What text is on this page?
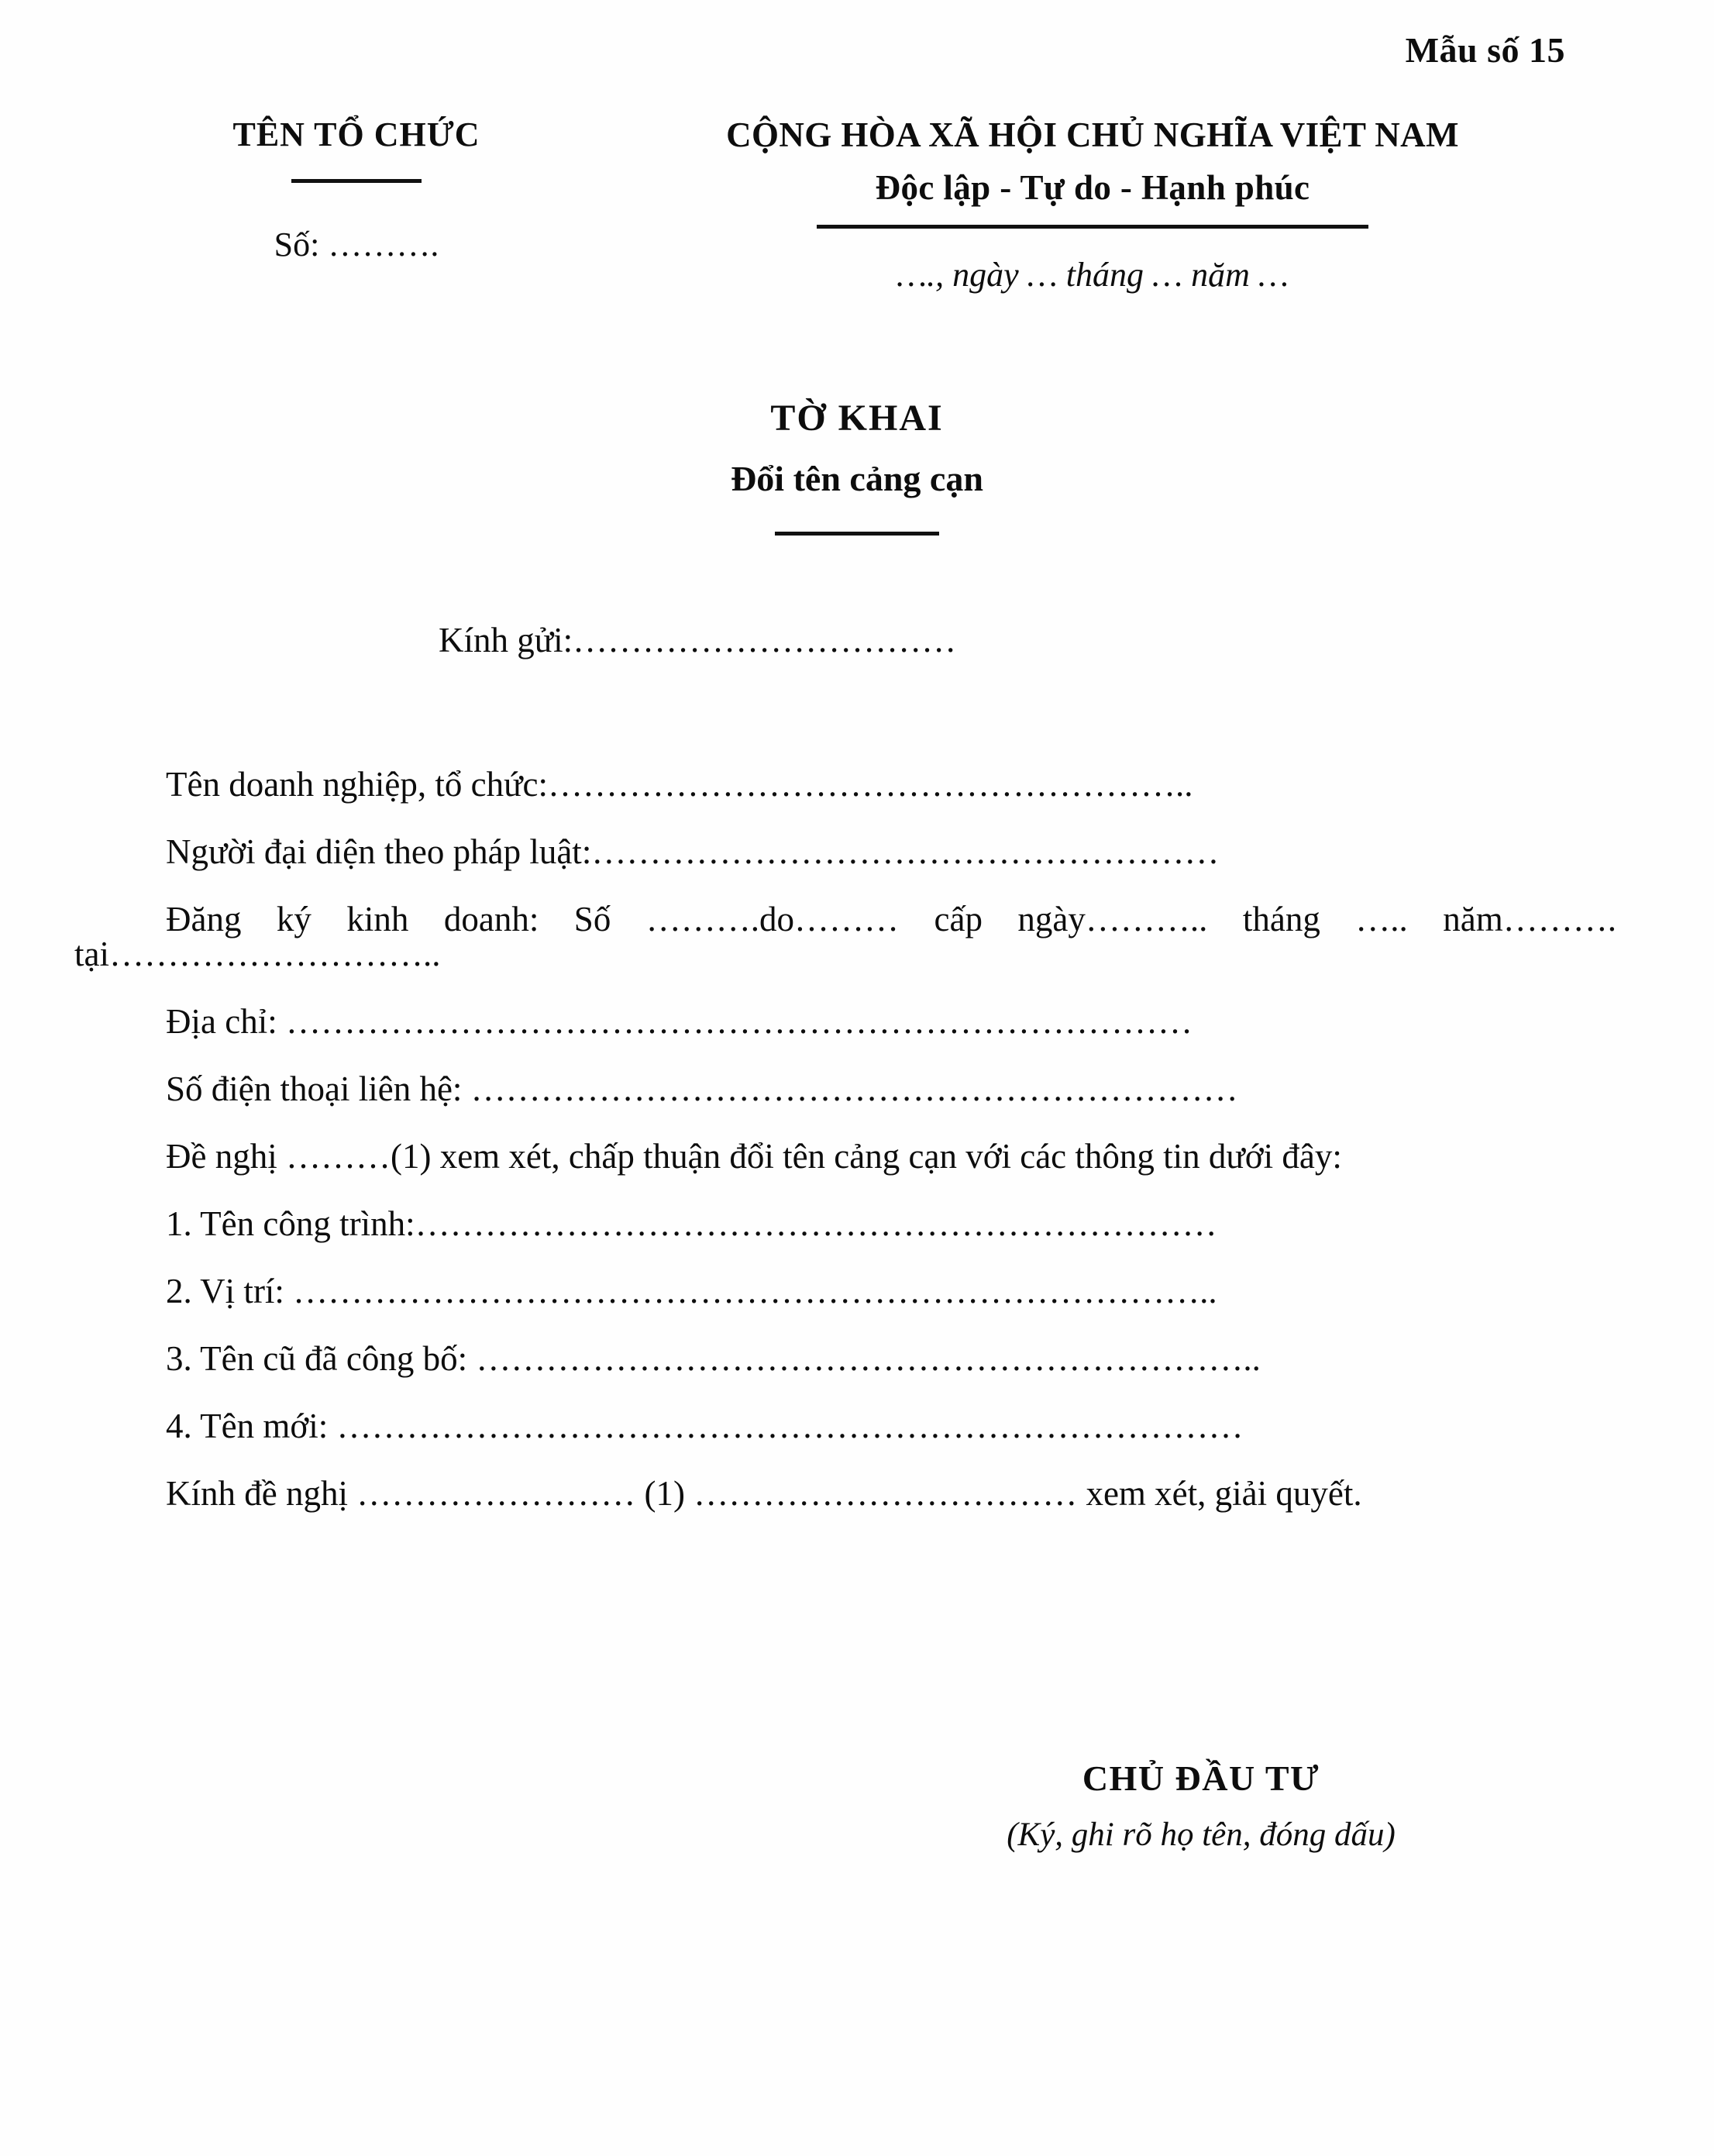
Mẫu số 15
TÊN TỔ CHỨC
Số: ……….
CỘNG HÒA XÃ HỘI CHỦ NGHĨA VIỆT NAM
Độc lập - Tự do - Hạnh phúc
…., ngày … tháng … năm …
TỜ KHAI
Đổi tên cảng cạn
Kính gửi:……………………………
Tên doanh nghiệp, tổ chức:………………………………………………..
Người đại diện theo pháp luật:………………………………………………
Đăng ký kinh doanh: Số ……….do……… cấp ngày……….. tháng ….. năm………. tại………………………..
Địa chỉ: ……………………………………………………………………
Số điện thoại liên hệ: …………………………………………………………
Đề nghị ………(1) xem xét, chấp thuận đổi tên cảng cạn với các thông tin dưới đây:
1. Tên công trình:……………………………………………………………
2. Vị trí: ……………………………………………………………………..
3. Tên cũ đã công bố: …………………………………………………………..
4. Tên mới: ……………………………………………………………………
Kính đề nghị …………………… (1) …………………………… xem xét, giải quyết.
CHỦ ĐẦU TƯ
(Ký, ghi rõ họ tên, đóng dấu)
